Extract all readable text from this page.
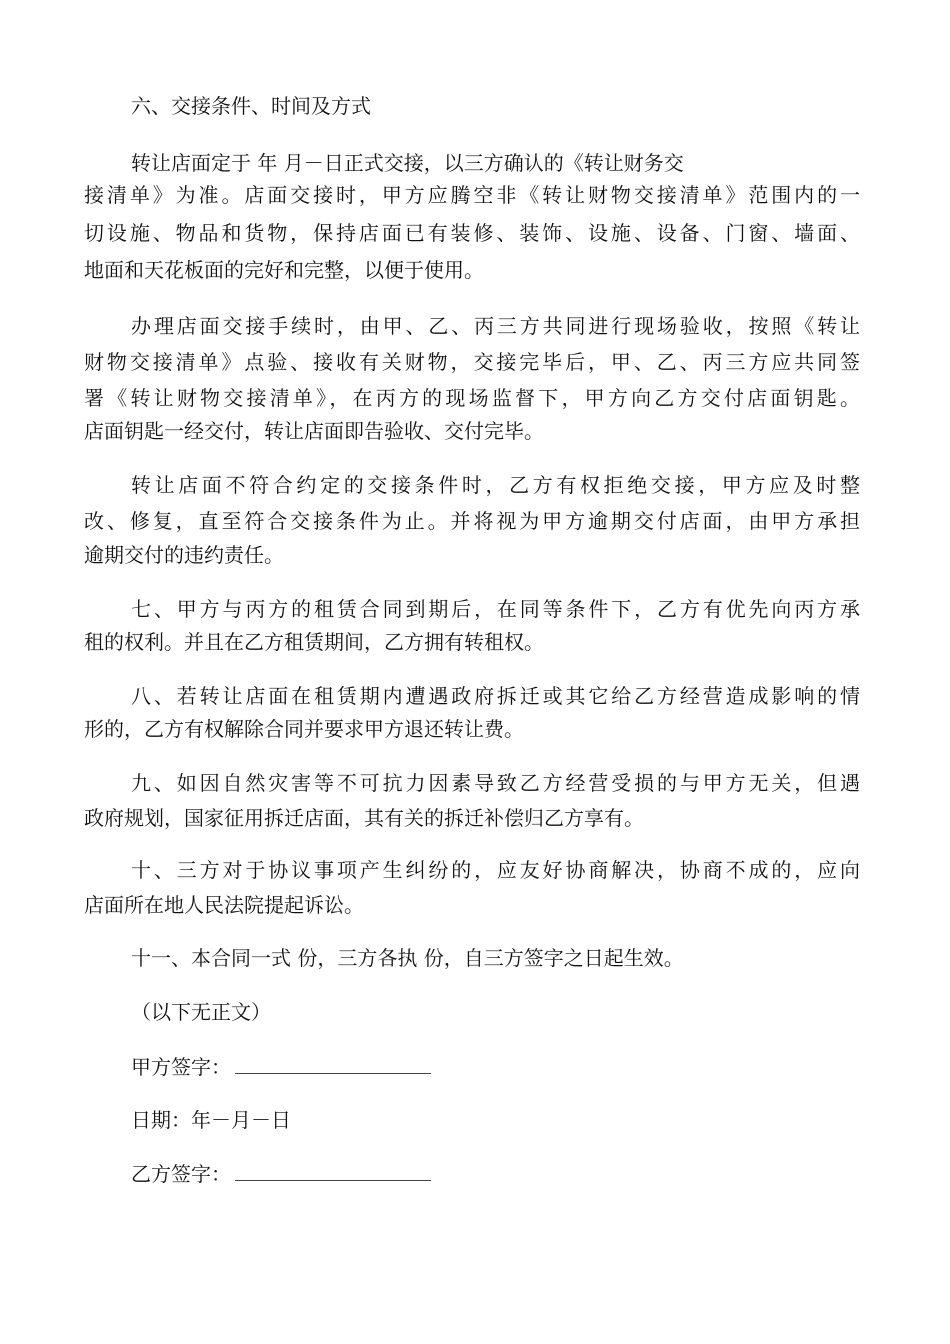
六、交接条件、时间及方式
转让店面定于 年 月－日正式交接，以三方确认的《转让财务交
接清单》为准。店面交接时，甲方应腾空非《转让财物交接清单》范围内的一
切设施、物品和货物，保持店面已有装修、装饰、设施、设备、门窗、墙面、
地面和天花板面的完好和完整，以便于使用。
办理店面交接手续时，由甲、乙、丙三方共同进行现场验收，按照《转让
财物交接清单》点验、接收有关财物，交接完毕后，甲、乙、丙三方应共同签
署《转让财物交接清单》，在丙方的现场监督下，甲方向乙方交付店面钥匙。
店面钥匙一经交付，转让店面即告验收、交付完毕。
转让店面不符合约定的交接条件时，乙方有权拒绝交接，甲方应及时整
改、修复，直至符合交接条件为止。并将视为甲方逾期交付店面，由甲方承担
逾期交付的违约责任。
七、甲方与丙方的租赁合同到期后，在同等条件下，乙方有优先向丙方承
租的权利。并且在乙方租赁期间，乙方拥有转租权。
八、若转让店面在租赁期内遭遇政府拆迁或其它给乙方经营造成影响的情
形的，乙方有权解除合同并要求甲方退还转让费。
九、如因自然灾害等不可抗力因素导致乙方经营受损的与甲方无关，但遇
政府规划，国家征用拆迁店面，其有关的拆迁补偿归乙方享有。
十、三方对于协议事项产生纠纷的，应友好协商解决，协商不成的，应向
店面所在地人民法院提起诉讼。
十一、本合同一式 份，三方各执 份，自三方签字之日起生效。
（以下无正文）
甲方签字：
日期：年－月－日
乙方签字：
